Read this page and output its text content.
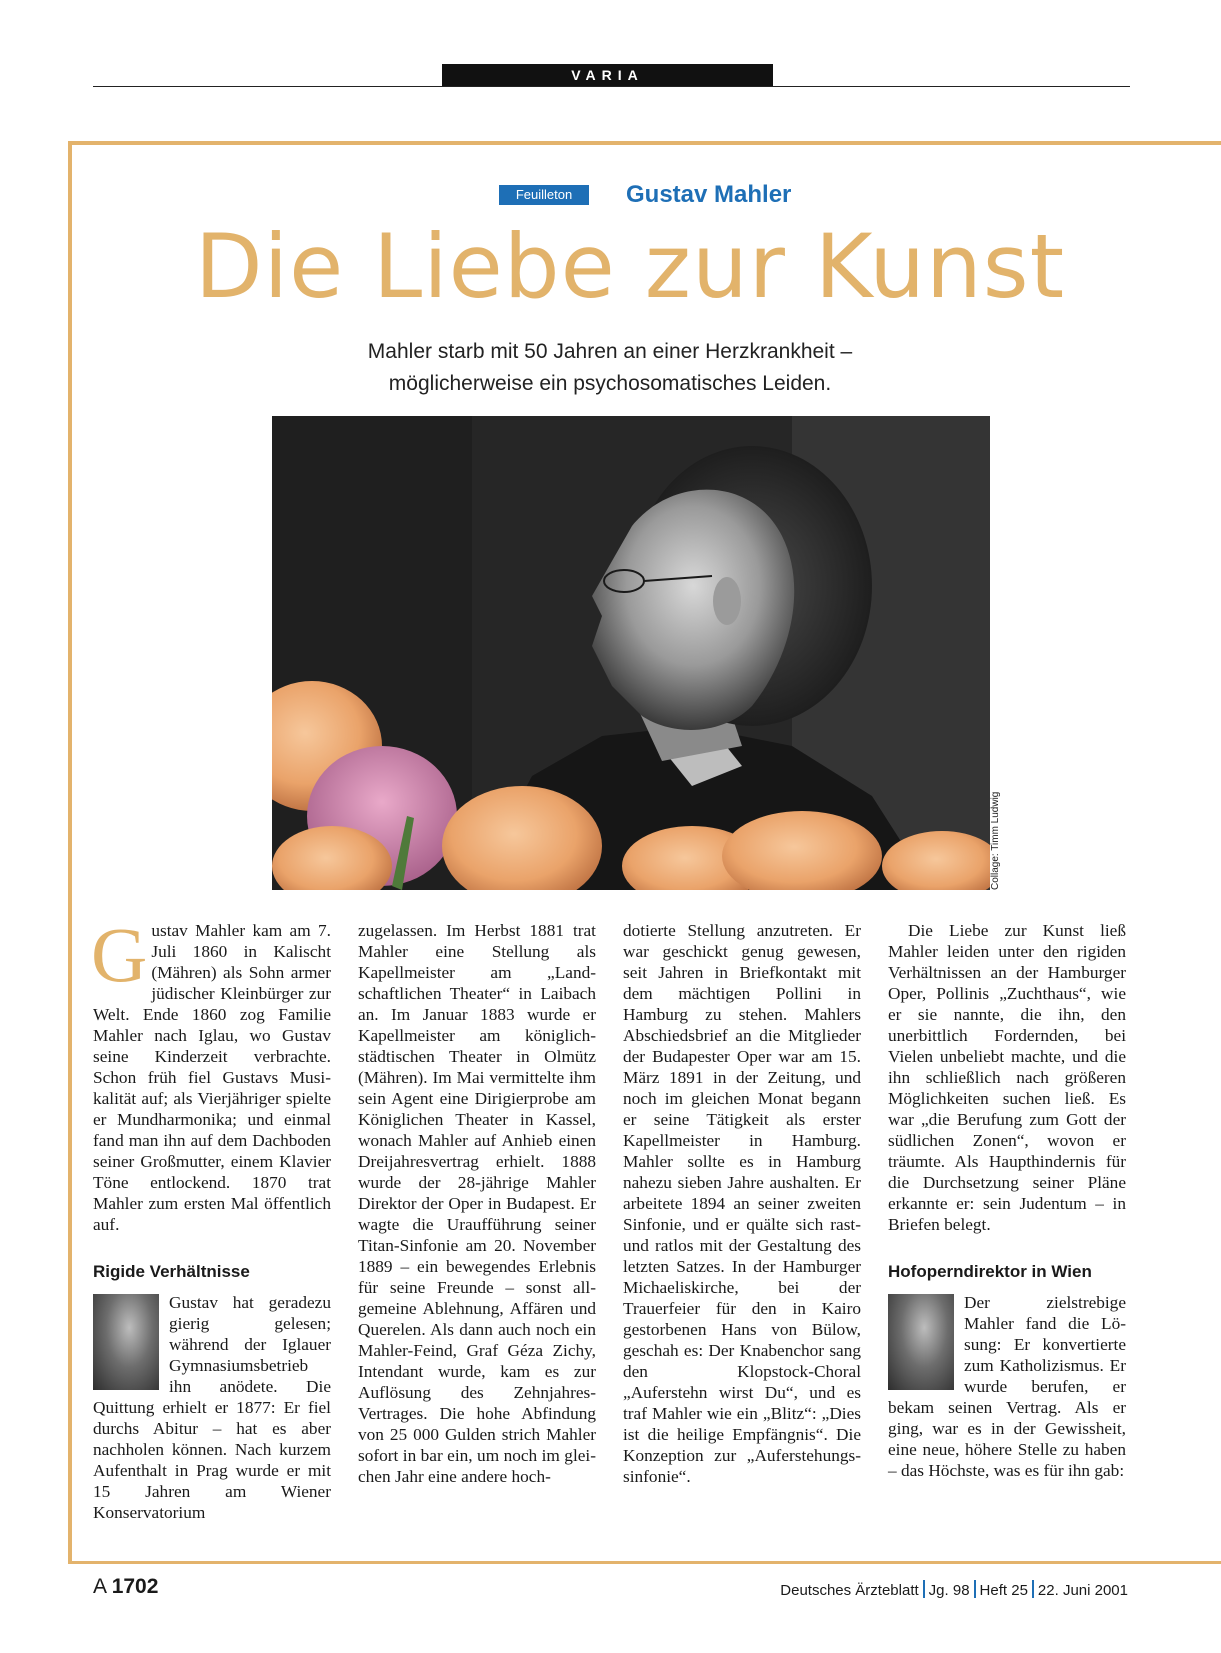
VARIA
Feuilleton	Gustav Mahler
Die Liebe zur Kunst
Mahler starb mit 50 Jahren an einer Herzkrankheit –
möglicherweise ein psychosomatisches Leiden.
Collage: Timm Ludwig

Gustav Mahler kam am 7. Juli 1860 in Kalischt (Mähren) als Sohn armer jüdischer Kleinbürger zur Welt. Ende 1860 zog Familie Mahler nach Iglau, wo Gustav seine Kinderzeit verbrachte. Schon früh fiel Gustavs Musikalität auf; als Vierjähriger spielte er Mundharmonika; und einmal fand man ihn auf dem Dachboden seiner Großmutter, einem Klavier Töne entlockend. 1870 trat Mahler zum ersten Mal öffentlich auf.

Rigide Verhältnisse

Gustav hat geradezu gierig gelesen; während der Iglauer Gymnasiumsbetrieb ihn anödete. Die Quittung erhielt er 1877: Er fiel durchs Abitur – hat es aber nachholen können. Nach kurzem Aufenthalt in Prag wurde er mit 15 Jahren am Wiener Konservatorium

zugelassen. Im Herbst 1881 trat Mahler eine Stellung als Kapellmeister am „Landschaftlichen Theater“ in Laibach an. Im Januar 1883 wurde er Kapellmeister am königlich-städtischen Theater in Olmütz (Mähren). Im Mai vermittelte ihm sein Agent eine Dirigierprobe am Königlichen Theater in Kassel, wonach Mahler auf Anhieb einen Dreijahresvertrag erhielt. 1888 wurde der 28-jährige Mahler Direktor der Oper in Budapest. Er wagte die Uraufführung seiner Titan-Sinfonie am 20. November 1889 – ein bewegendes Erlebnis für seine Freunde – sonst allgemeine Ablehnung, Affären und Querelen. Als dann auch noch ein Mahler-Feind, Graf Géza Zichy, Intendant wurde, kam es zur Auflösung des Zehnjahres-Vertrages. Die hohe Abfindung von 25 000 Gulden strich Mahler sofort in bar ein, um noch im gleichen Jahr eine andere hoch-

dotierte Stellung anzutreten. Er war geschickt genug gewesen, seit Jahren in Briefkontakt mit dem mächtigen Pollini in Hamburg zu stehen. Mahlers Abschiedsbrief an die Mitglieder der Budapester Oper war am 15. März 1891 in der Zeitung, und noch im gleichen Monat begann er seine Tätigkeit als erster Kapellmeister in Hamburg. Mahler sollte es in Hamburg nahezu sieben Jahre aushalten. Er arbeitete 1894 an seiner zweiten Sinfonie, und er quälte sich rast- und ratlos mit der Gestaltung des letzten Satzes. In der Hamburger Michaeliskirche, bei der Trauerfeier für den in Kairo gestorbenen Hans von Bülow, geschah es: Der Knabenchor sang den Klopstock-Choral „Auferstehn wirst Du“, und es traf Mahler wie ein „Blitz“: „Dies ist die heilige Empfängnis“. Die Konzeption zur „Auferstehungssinfonie“.

Die Liebe zur Kunst ließ Mahler leiden unter den rigiden Verhältnissen an der Hamburger Oper, Pollinis „Zuchthaus“, wie er sie nannte, die ihn, den unerbittlich Fordernden, bei Vielen unbeliebt machte, und die ihn schließlich nach größeren Möglichkeiten suchen ließ. Es war „die Berufung zum Gott der südlichen Zonen“, wovon er träumte. Als Haupthindernis für die Durchsetzung seiner Pläne erkannte er: sein Judentum – in Briefen belegt.

Hofoperndirektor in Wien

Der zielstrebige Mahler fand die Lösung: Er konvertierte zum Katholizismus. Er wurde berufen, er bekam seinen Vertrag. Als er ging, war es in der Gewissheit, eine neue, höhere Stelle zu haben – das Höchste, was es für ihn gab:

A 1702	Deutsches Ärzteblatt Jg. 98 Heft 25 22. Juni 2001
